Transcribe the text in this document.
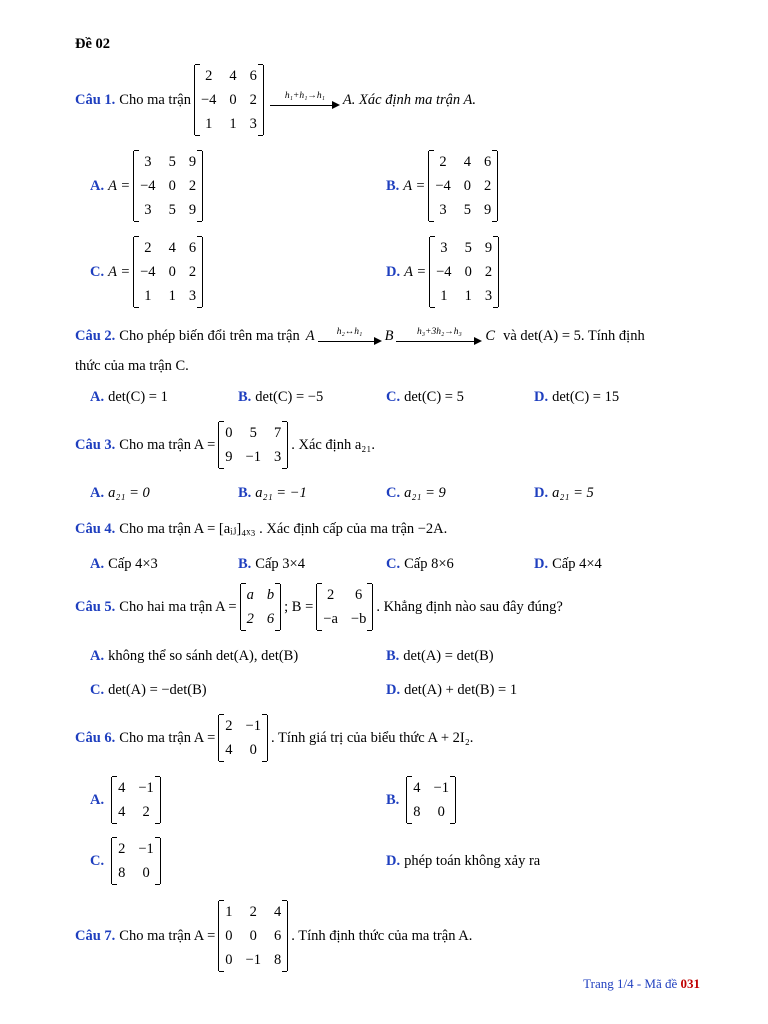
Đề 02
Câu 1. Cho ma trận
2 4 6
−4 0 2
1 1 3
h₁+h₁→h₁ A. Xác định ma trận A.
A. A =
3 5 9
−4 0 2
3 5 9
B. A =
2 4 6
−4 0 2
3 5 9
C. A =
2 4 6
−4 0 2
1 1 3
D. A =
3 5 9
−4 0 2
1 1 3
Câu 2. Cho phép biến đổi trên ma trận A h₂↔h₁ B h₃+3h₂→h₃ C và det(A) = 5. Tính định
thức của ma trận C.
A. det(C) = 1	B. det(C) = −5	C. det(C) = 5	D. det(C) = 15
Câu 3. Cho ma trận A =
0 5 7
9 −1 3
. Xác định a₂₁.
A. a₂₁ = 0	B. a₂₁ = −1	C. a₂₁ = 9	D. a₂₁ = 5
Câu 4. Cho ma trận A = [aᵢⱼ]₄ₓ₃ . Xác định cấp của ma trận −2A.
A. Cấp 4×3	B. Cấp 3×4	C. Cấp 8×6	D. Cấp 4×4
Câu 5. Cho hai ma trận A =
a b
2 6
; B =
2 6
−a −b
. Khẳng định nào sau đây đúng?
A. không thể so sánh det(A), det(B)	B. det(A) = det(B)
C. det(A) = −det(B)	D. det(A) + det(B) = 1
Câu 6. Cho ma trận A =
2 −1
4 0
. Tính giá trị của biểu thức A + 2I₂.
A.
4 −1
4 2
B.
4 −1
8 0
C.
2 −1
8 0
D. phép toán không xảy ra
Câu 7. Cho ma trận A =
1 2 4
0 0 6
0 −1 8
. Tính định thức của ma trận A.
Trang 1/4 - Mã đề 031
